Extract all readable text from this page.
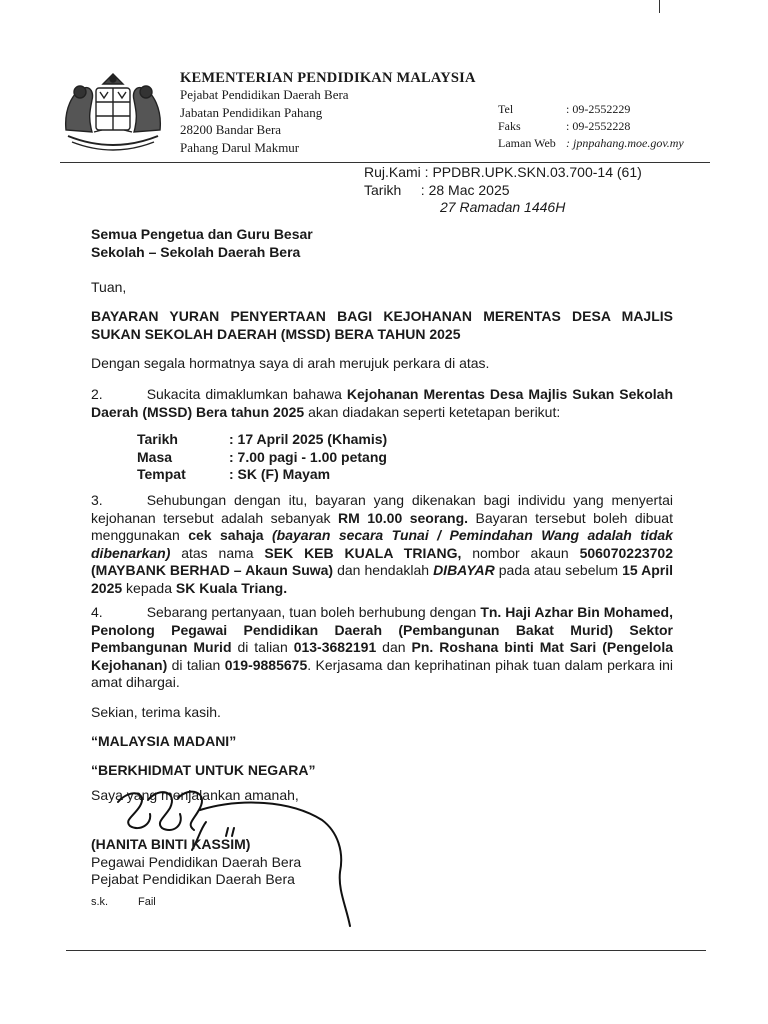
KEMENTERIAN PENDIDIKAN MALAYSIA
Pejabat Pendidikan Daerah Bera
Jabatan Pendidikan Pahang
28200 Bandar Bera
Pahang Darul Makmur
Tel	: 09-2552229
Faks	: 09-2552228
Laman Web : jpnpahang.moe.gov.my
Ruj.Kami : PPDBR.UPK.SKN.03.700-14 (61)
Tarikh     : 28 Mac 2025
27 Ramadan 1446H
Semua Pengetua dan Guru Besar
Sekolah – Sekolah Daerah Bera
Tuan,
BAYARAN YURAN PENYERTAAN BAGI KEJOHANAN MERENTAS DESA MAJLIS SUKAN SEKOLAH DAERAH (MSSD) BERA TAHUN 2025
Dengan segala hormatnya saya di arah merujuk perkara di atas.
2.	Sukacita dimaklumkan bahawa Kejohanan Merentas Desa Majlis Sukan Sekolah Daerah (MSSD) Bera tahun 2025 akan diadakan seperti ketetapan berikut:
Tarikh	: 17 April 2025 (Khamis)
Masa	: 7.00 pagi - 1.00 petang
Tempat	: SK (F) Mayam
3.	Sehubungan dengan itu, bayaran yang dikenakan bagi individu yang menyertai kejohanan tersebut adalah sebanyak RM 10.00 seorang. Bayaran tersebut boleh dibuat menggunakan cek sahaja (bayaran secara Tunai / Pemindahan Wang adalah tidak dibenarkan) atas nama SEK KEB KUALA TRIANG, nombor akaun 506070223702 (MAYBANK BERHAD – Akaun Suwa) dan hendaklah DIBAYAR pada atau sebelum 15 April 2025 kepada SK Kuala Triang.
4.	Sebarang pertanyaan, tuan boleh berhubung dengan Tn. Haji Azhar Bin Mohamed, Penolong Pegawai Pendidikan Daerah (Pembangunan Bakat Murid) Sektor Pembangunan Murid di talian 013-3682191 dan Pn. Roshana binti Mat Sari (Pengelola Kejohanan) di talian 019-9885675. Kerjasama dan keprihatinan pihak tuan dalam perkara ini amat dihargai.
Sekian, terima kasih.
“MALAYSIA MADANI”
“BERKHIDMAT UNTUK NEGARA”
Saya yang menjalankan amanah,
(HANITA BINTI KASSIM)
Pegawai Pendidikan Daerah Bera
Pejabat Pendidikan Daerah Bera
s.k.	Fail
